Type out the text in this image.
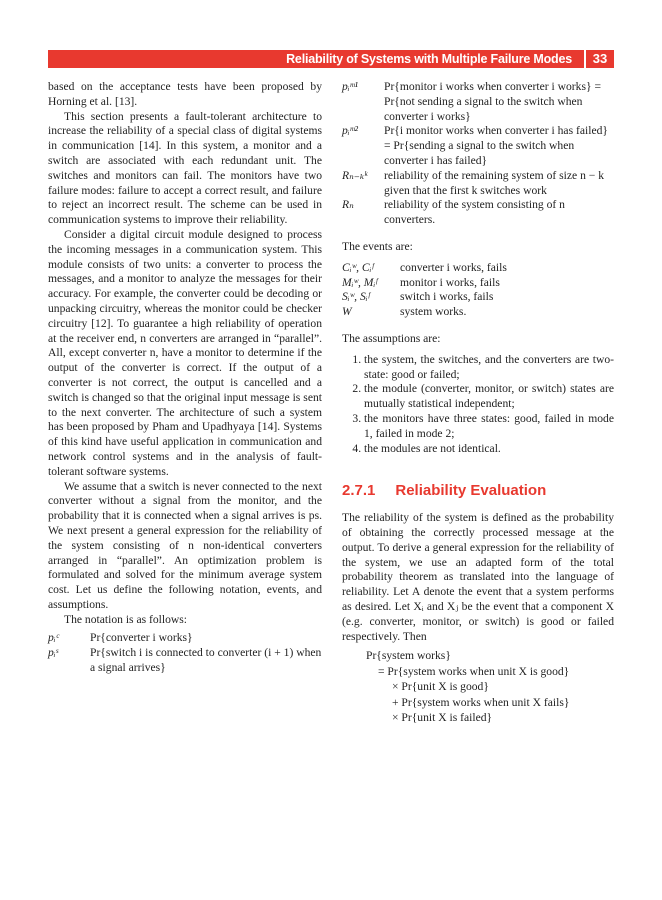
Reliability of Systems with Multiple Failure Modes	33

based on the acceptance tests have been proposed by Horning et al. [13].

This section presents a fault-tolerant architecture to increase the reliability of a special class of digital systems in communication [14]. In this system, a monitor and a switch are associated with each redundant unit. The switches and monitors can fail. The monitors have two failure modes: failure to accept a correct result, and failure to reject an incorrect result. The scheme can be used in communication systems to improve their reliability.

Consider a digital circuit module designed to process the incoming messages in a communication system. This module consists of two units: a converter to process the messages, and a monitor to analyze the messages for their accuracy. For example, the converter could be decoding or unpacking circuitry, whereas the monitor could be checker circuitry [12]. To guarantee a high reliability of operation at the receiver end, n converters are arranged in “parallel”. All, except converter n, have a monitor to determine if the output of the converter is correct. If the output of a converter is not correct, the output is cancelled and a switch is changed so that the original input message is sent to the next converter. The architecture of such a system has been proposed by Pham and Upadhyaya [14]. Systems of this kind have useful application in communication and network control systems and in the analysis of fault-tolerant software systems.

We assume that a switch is never connected to the next converter without a signal from the monitor, and the probability that it is connected when a signal arrives is ps. We next present a general expression for the reliability of the system consisting of n non-identical converters arranged in “parallel”. An optimization problem is formulated and solved for the minimum average system cost. Let us define the following notation, events, and assumptions.

The notation is as follows:

pᵢᶜ	Pr{converter i works}
pᵢˢ	Pr{switch i is connected to converter (i + 1) when a signal arrives}
pᵢᵐ¹	Pr{monitor i works when converter i works} = Pr{not sending a signal to the switch when converter i works}
pᵢᵐ²	Pr{i monitor works when converter i has failed} = Pr{sending a signal to the switch when converter i has failed}
Rₙ₋ₖᵏ	reliability of the remaining system of size n − k given that the first k switches work
Rₙ	reliability of the system consisting of n converters.

The events are:

Cᵢʷ, Cᵢᶠ	converter i works, fails
Mᵢʷ, Mᵢᶠ	monitor i works, fails
Sᵢʷ, Sᵢᶠ	switch i works, fails
W	system works.

The assumptions are:

1. the system, the switches, and the converters are two-state: good or failed;
2. the module (converter, monitor, or switch) states are mutually statistical independent;
3. the monitors have three states: good, failed in mode 1, failed in mode 2;
4. the modules are not identical.
2.7.1 Reliability Evaluation

The reliability of the system is defined as the probability of obtaining the correctly processed message at the output. To derive a general expression for the reliability of the system, we use an adapted form of the total probability theorem as translated into the language of reliability. Let A denote the event that a system performs as desired. Let Xᵢ and Xⱼ be the event that a component X (e.g. converter, monitor, or switch) is good or failed respectively. Then

Pr{system works}
= Pr{system works when unit X is good}
× Pr{unit X is good}
+ Pr{system works when unit X fails}
× Pr{unit X is failed}
